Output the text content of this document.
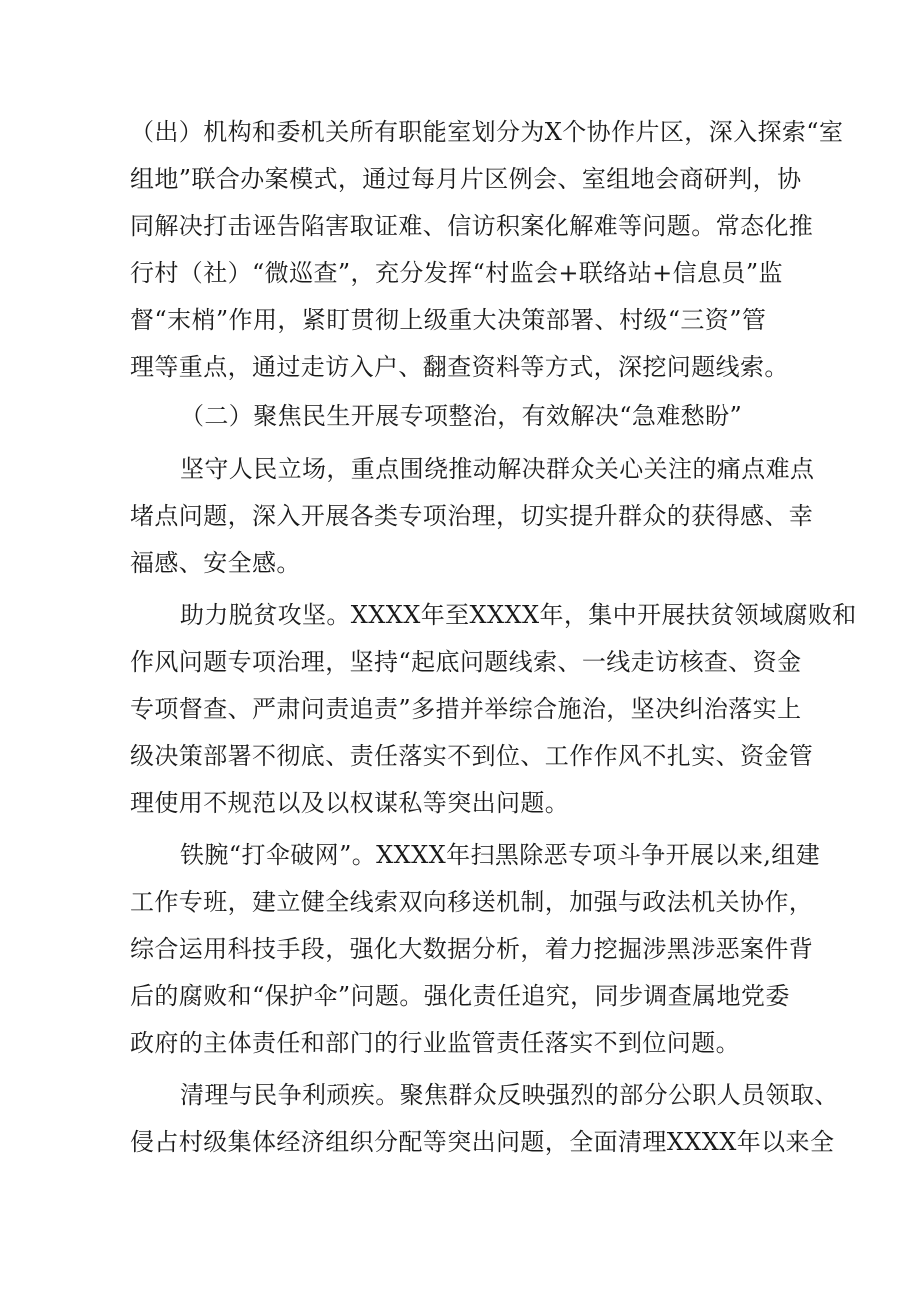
（出）机构和委机关所有职能室划分为X个协作片区，深入探索“室
组地”联合办案模式，通过每月片区例会、室组地会商研判，协
同解决打击诬告陷害取证难、信访积案化解难等问题。常态化推
行村（社）“微巡查”，充分发挥“村监会+联络站+信息员”监
督“末梢”作用，紧盯贯彻上级重大决策部署、村级“三资”管
理等重点，通过走访入户、翻查资料等方式，深挖问题线索。
（二）聚焦民生开展专项整治，有效解决“急难愁盼”
坚守人民立场，重点围绕推动解决群众关心关注的痛点难点
堵点问题，深入开展各类专项治理，切实提升群众的获得感、幸
福感、安全感。
助力脱贫攻坚。XXXX年至XXXX年，集中开展扶贫领域腐败和
作风问题专项治理，坚持“起底问题线索、一线走访核查、资金
专项督查、严肃问责追责”多措并举综合施治，坚决纠治落实上
级决策部署不彻底、责任落实不到位、工作作风不扎实、资金管
理使用不规范以及以权谋私等突出问题。
铁腕“打伞破网”。XXXX年扫黑除恶专项斗争开展以来,组建
工作专班，建立健全线索双向移送机制，加强与政法机关协作，
综合运用科技手段，强化大数据分析，着力挖掘涉黑涉恶案件背
后的腐败和“保护伞”问题。强化责任追究，同步调查属地党委
政府的主体责任和部门的行业监管责任落实不到位问题。
清理与民争利顽疾。聚焦群众反映强烈的部分公职人员领取、
侵占村级集体经济组织分配等突出问题，全面清理XXXX年以来全
